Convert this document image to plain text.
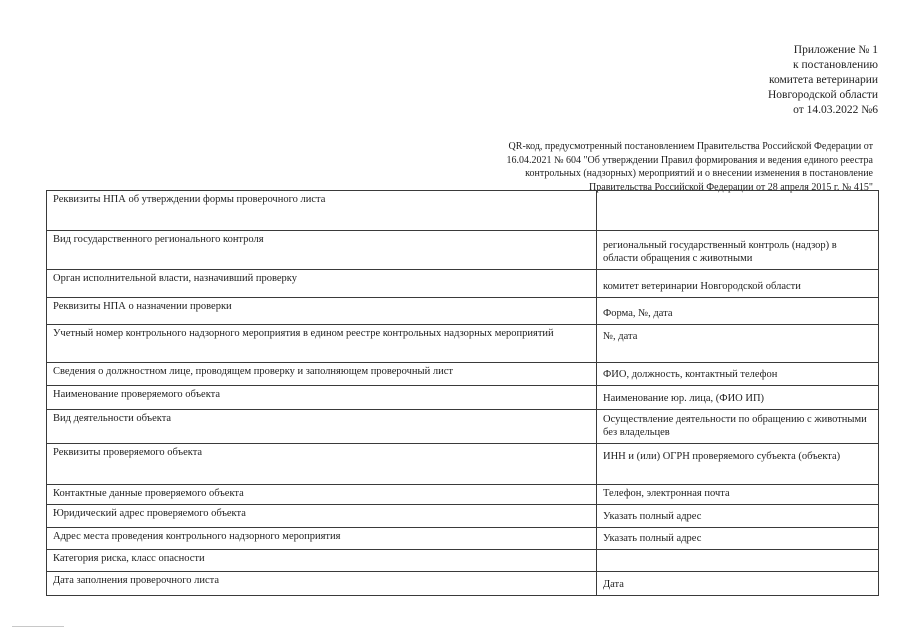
Приложение № 1
к постановлению
комитета ветеринарии
Новгородской области
от 14.03.2022 №6
QR-код, предусмотренный постановлением Правительства Российской Федерации от
16.04.2021 № 604 "Об утверждении Правил формирования и ведения единого реестра
контрольных (надзорных) мероприятий и о внесении изменения в постановление
Правительства Российской Федерации от 28 апреля 2015 г. № 415"
Реквизиты НПА об утверждении формы проверочного листа	
Вид государственного регионального контроля	региональный государственный контроль (надзор) в области обращения с животными
Орган исполнительной власти, назначивший проверку	комитет ветеринарии Новгородской области
Реквизиты НПА о назначении проверки	Форма, №, дата
Учетный номер контрольного надзорного мероприятия в едином реестре контрольных надзорных мероприятий	№, дата
Сведения о должностном лице, проводящем проверку и заполняющем проверочный лист	ФИО, должность, контактный телефон
Наименование проверяемого объекта	Наименование юр. лица, (ФИО ИП)
Вид деятельности объекта	Осуществление деятельности по обращению с животными без владельцев
Реквизиты проверяемого объекта	ИНН и (или) ОГРН проверяемого субъекта (объекта)
Контактные данные проверяемого объекта	Телефон, электронная почта
Юридический адрес проверяемого объекта	Указать полный адрес
Адрес места проведения контрольного надзорного мероприятия	Указать полный адрес
Категория риска, класс опасности	
Дата заполнения проверочного листа	Дата
